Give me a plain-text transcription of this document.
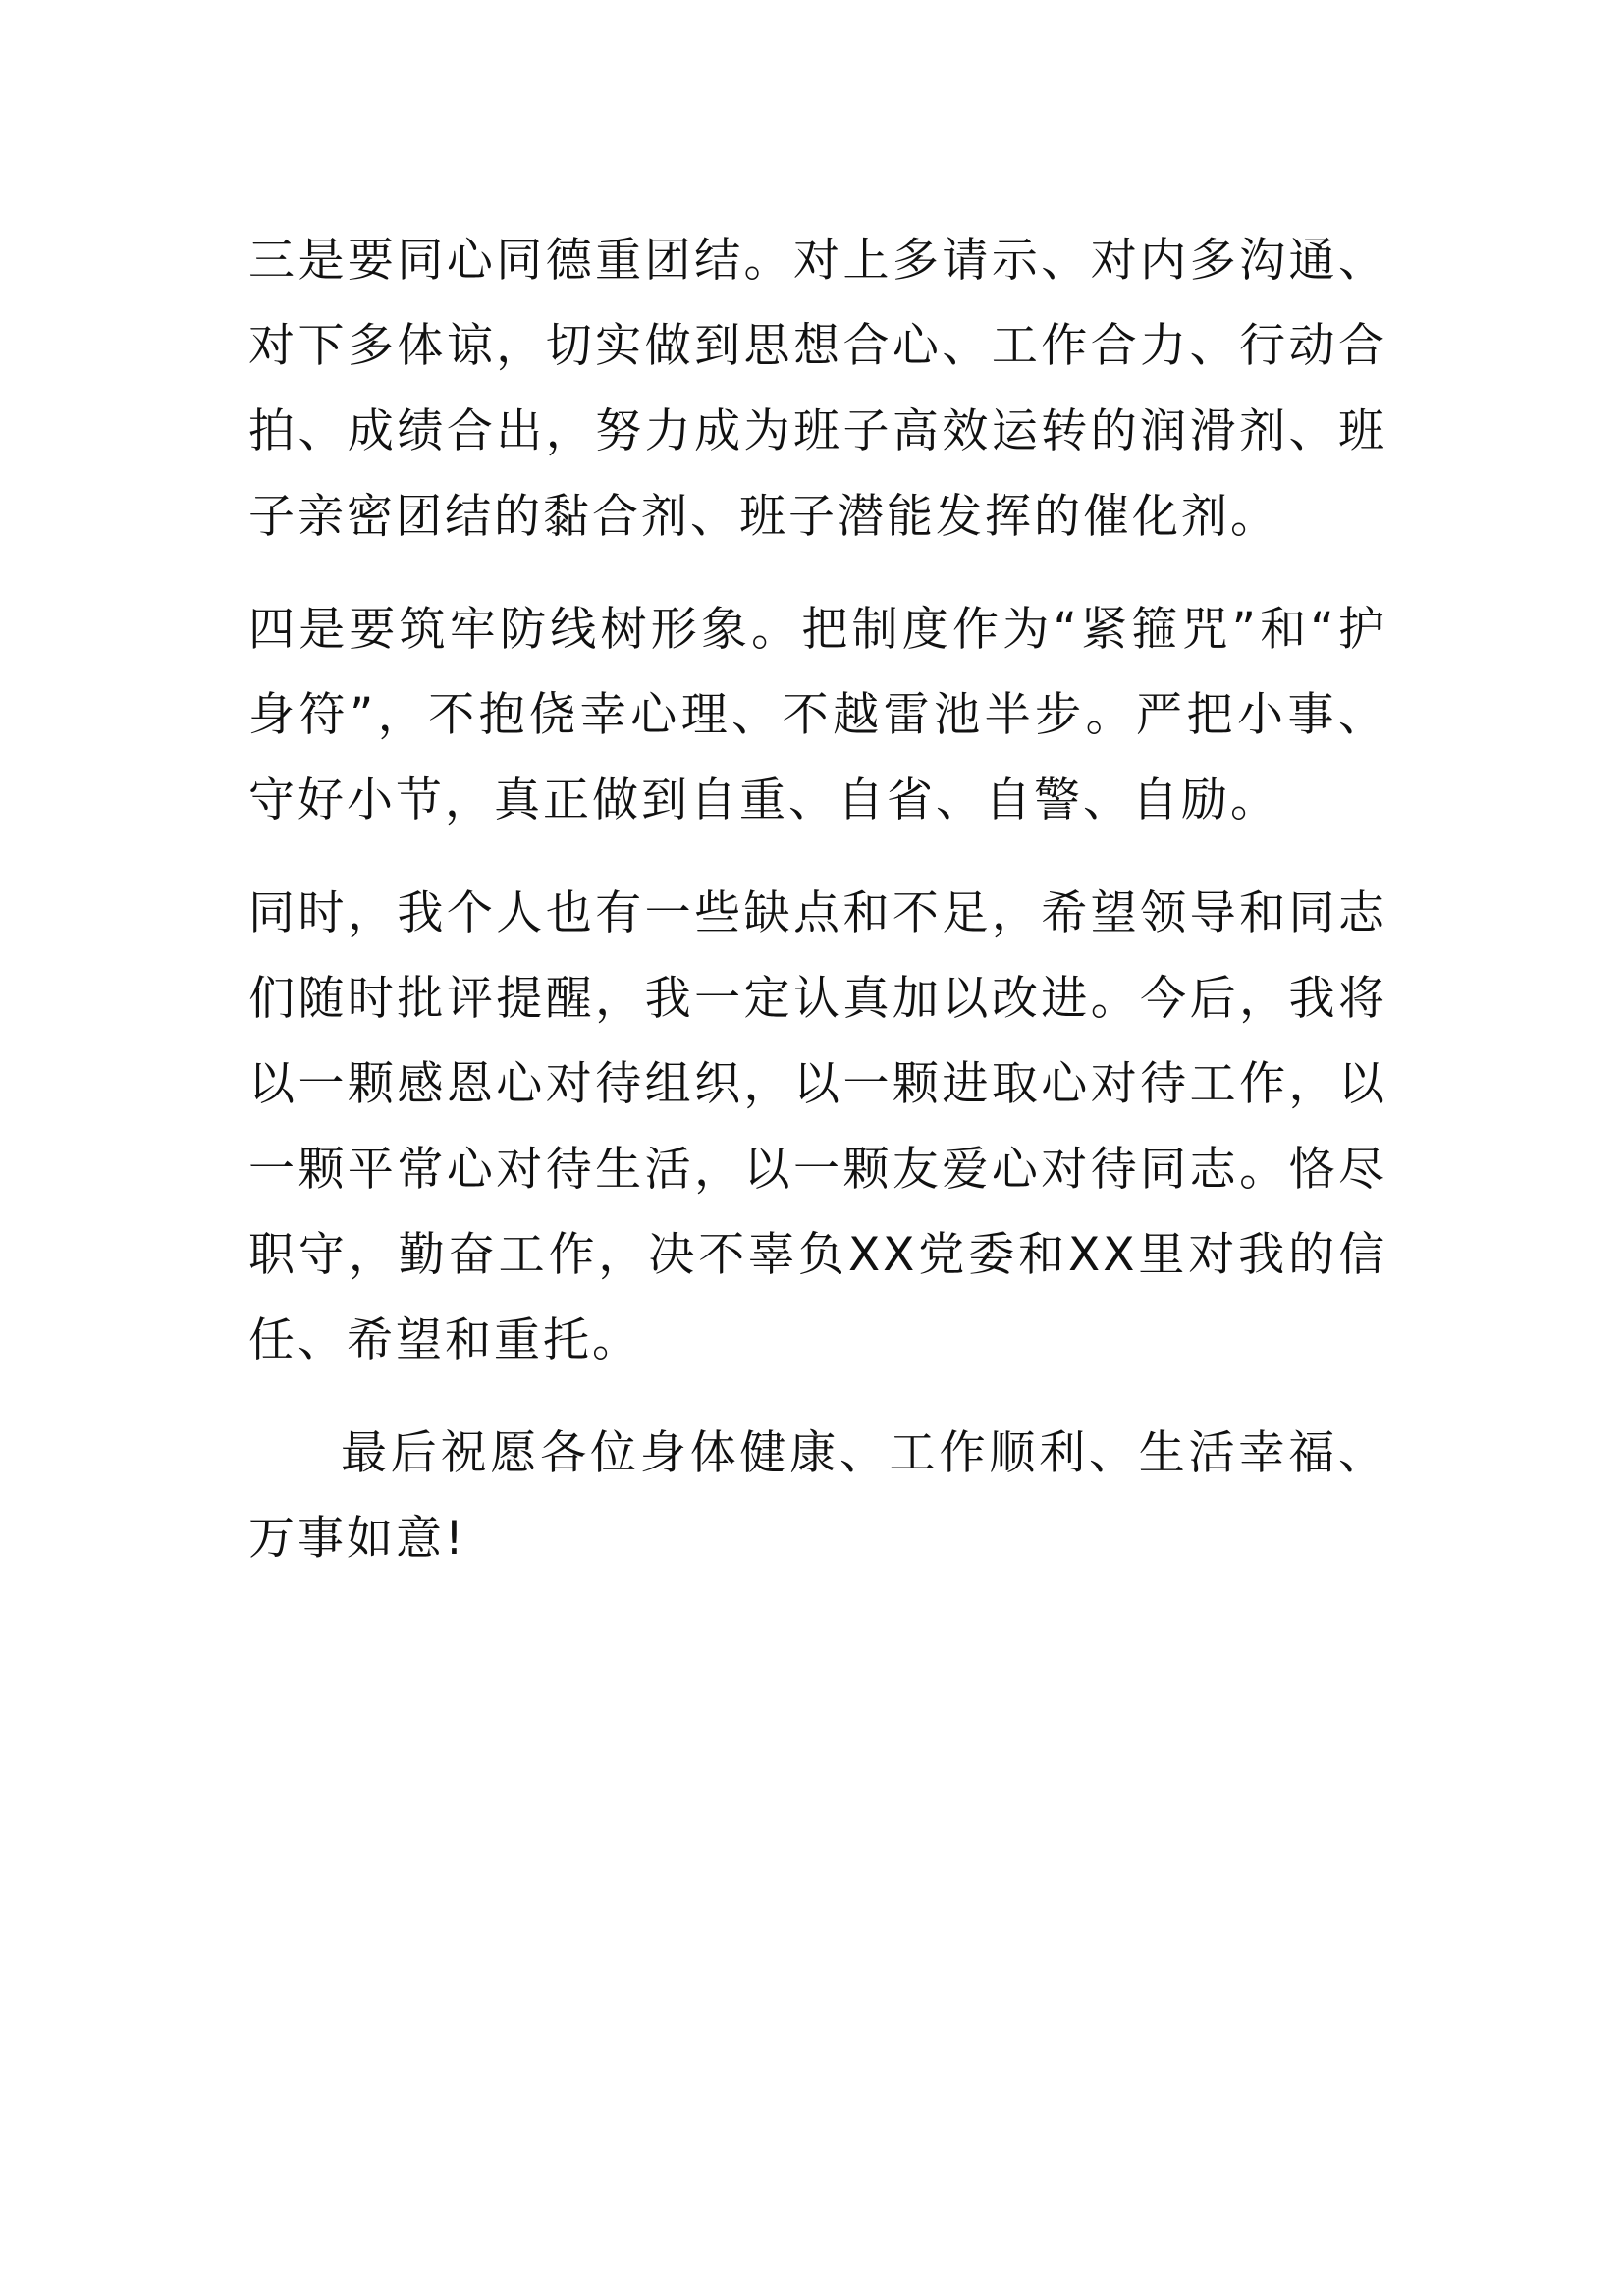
三是要同心同德重团结。对上多请示、对内多沟通、对下多体谅，切实做到思想合心、工作合力、行动合拍、成绩合出，努力成为班子高效运转的润滑剂、班子亲密团结的黏合剂、班子潜能发挥的催化剂。

四是要筑牢防线树形象。把制度作为“紧箍咒”和“护身符”，不抱侥幸心理、不越雷池半步。严把小事、守好小节，真正做到自重、自省、自警、自励。

同时，我个人也有一些缺点和不足，希望领导和同志们随时批评提醒，我一定认真加以改进。今后，我将以一颗感恩心对待组织，以一颗进取心对待工作，以一颗平常心对待生活，以一颗友爱心对待同志。恪尽职守，勤奋工作，决不辜负XX党委和XX里对我的信任、希望和重托。

最后祝愿各位身体健康、工作顺利、生活幸福、万事如意!
